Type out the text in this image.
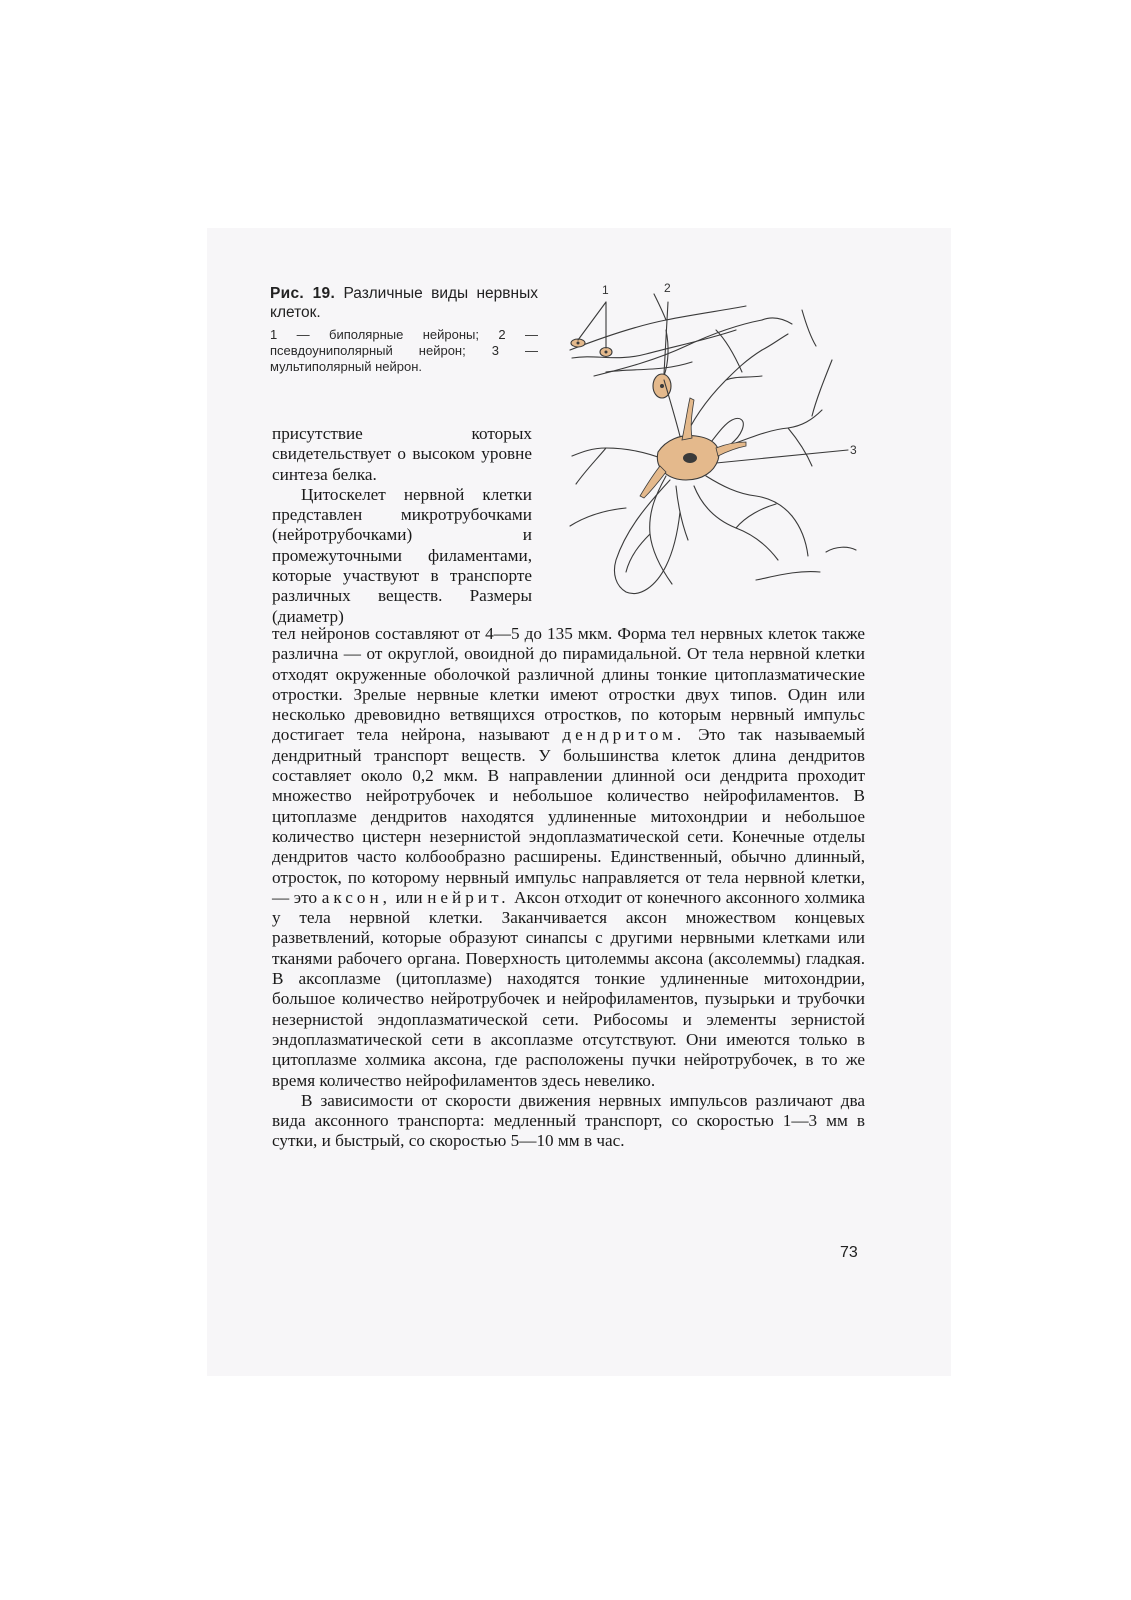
Рис. 19. Различные виды нервных клеток.
1 — биполярные нейроны; 2 — псевдоуниполярный нейрон; 3 — мультиполярный нейрон.
1	2
3

присутствие которых свидетельствует о высоком уровне синтеза белка.

Цитоскелет нервной клетки представлен микротрубочками (нейротрубочками) и промежуточными филаментами, которые участвуют в транспорте различных веществ. Размеры (диаметр)

тел нейронов составляют от 4—5 до 135 мкм. Форма тел нервных клеток также различна — от округлой, овоидной до пирамидальной. От тела нервной клетки отходят окруженные оболочкой различной длины тонкие цитоплазматические отростки. Зрелые нервные клетки имеют отростки двух типов. Один или несколько древовидно ветвящихся отростков, по которым нервный импульс достигает тела нейрона, называют дендритом. Это так называемый дендритный транспорт веществ. У большинства клеток длина дендритов составляет около 0,2 мкм. В направлении длинной оси дендрита проходит множество нейротрубочек и небольшое количество нейрофиламентов. В цитоплазме дендритов находятся удлиненные митохондрии и небольшое количество цистерн незернистой эндоплазматической сети. Конечные отделы дендритов часто колбообразно расширены. Единственный, обычно длинный, отросток, по которому нервный импульс направляется от тела нервной клетки, — это аксон, или нейрит. Аксон отходит от конечного аксонного холмика у тела нервной клетки. Заканчивается аксон множеством концевых разветвлений, которые образуют синапсы с другими нервными клетками или тканями рабочего органа. Поверхность цитолеммы аксона (аксолеммы) гладкая. В аксоплазме (цитоплазме) находятся тонкие удлиненные митохондрии, большое количество нейротрубочек и нейрофиламентов, пузырьки и трубочки незернистой эндоплазматической сети. Рибосомы и элементы зернистой эндоплазматической сети в аксоплазме отсутствуют. Они имеются только в цитоплазме холмика аксона, где расположены пучки нейротрубочек, в то же время количество нейрофиламентов здесь невелико.

В зависимости от скорости движения нервных импульсов различают два вида аксонного транспорта: медленный транспорт, со скоростью 1—3 мм в сутки, и быстрый, со скоростью 5—10 мм в час.

73
